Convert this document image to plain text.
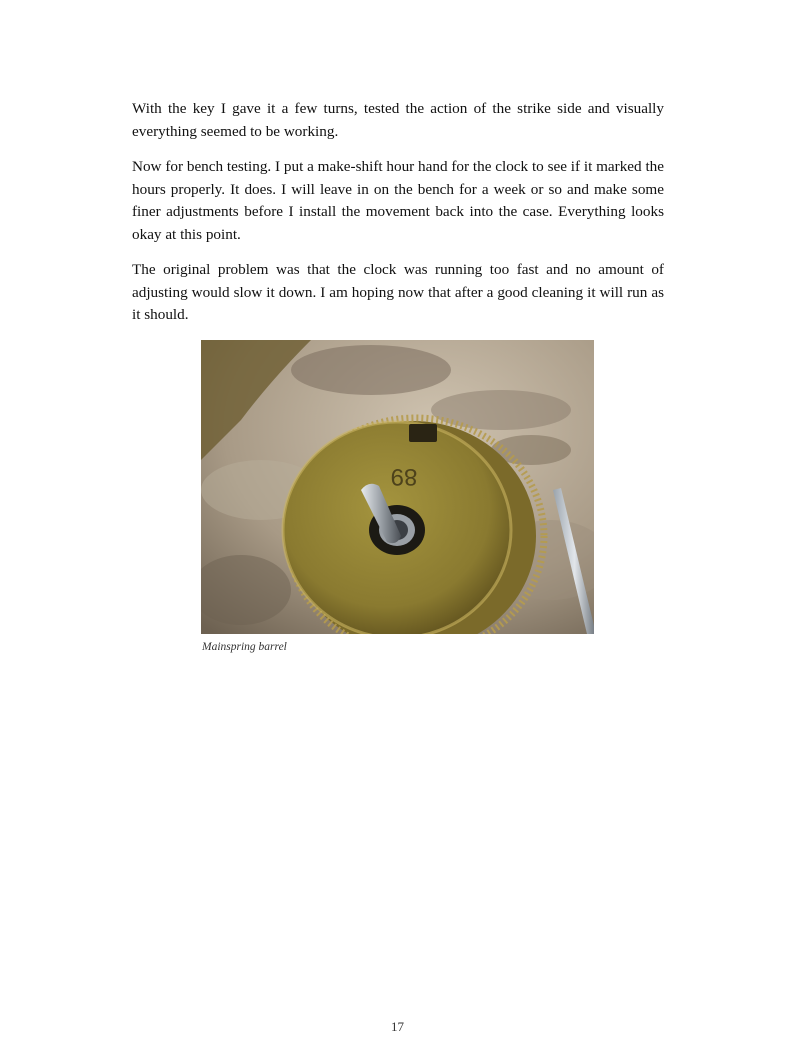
With the key I gave it a few turns, tested the action of the strike side and visually everything seemed to be working.

Now for bench testing. I put a make-shift hour hand for the clock to see if it marked the hours properly. It does. I will leave in on the bench for a week or so and make some finer adjustments before I install the movement back into the case. Everything looks okay at this point.

The original problem was that the clock was running too fast and no amount of adjusting would slow it down. I am hoping now that after a good cleaning it will run as it should.

89
Mainspring barrel
17
